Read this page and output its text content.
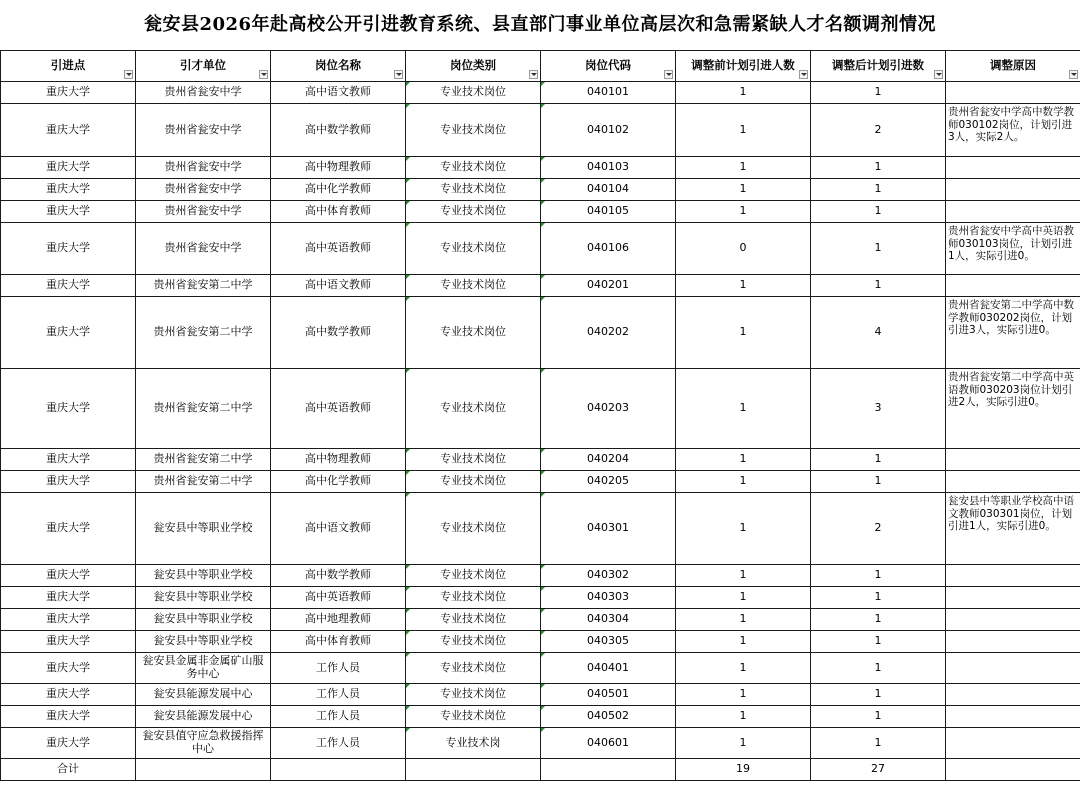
瓮安县2026年赴高校公开引进教育系统、县直部门事业单位高层次和急需紧缺人才名额调剂情况
引进点	引才单位	岗位名称	岗位类别	岗位代码	调整前计划引进人数	调整后计划引进数	调整原因

重庆大学	贵州省瓮安中学	高中语文教师	专业技术岗位	040101	1	1	
重庆大学	贵州省瓮安中学	高中数学教师	专业技术岗位	040102	1	2	贵州省瓮安中学高中数学教师030102岗位，计划引进3人，实际2人。
重庆大学	贵州省瓮安中学	高中物理教师	专业技术岗位	040103	1	1	
重庆大学	贵州省瓮安中学	高中化学教师	专业技术岗位	040104	1	1	
重庆大学	贵州省瓮安中学	高中体育教师	专业技术岗位	040105	1	1	
重庆大学	贵州省瓮安中学	高中英语教师	专业技术岗位	040106	0	1	贵州省瓮安中学高中英语教师030103岗位，计划引进1人，实际引进0。
重庆大学	贵州省瓮安第二中学	高中语文教师	专业技术岗位	040201	1	1	
重庆大学	贵州省瓮安第二中学	高中数学教师	专业技术岗位	040202	1	4	贵州省瓮安第二中学高中数学教师030202岗位，计划引进3人，实际引进0。
重庆大学	贵州省瓮安第二中学	高中英语教师	专业技术岗位	040203	1	3	贵州省瓮安第二中学高中英语教师030203岗位计划引进2人，实际引进0。
重庆大学	贵州省瓮安第二中学	高中物理教师	专业技术岗位	040204	1	1	
重庆大学	贵州省瓮安第二中学	高中化学教师	专业技术岗位	040205	1	1	
重庆大学	瓮安县中等职业学校	高中语文教师	专业技术岗位	040301	1	2	瓮安县中等职业学校高中语文教师030301岗位，计划引进1人，实际引进0。
重庆大学	瓮安县中等职业学校	高中数学教师	专业技术岗位	040302	1	1	
重庆大学	瓮安县中等职业学校	高中英语教师	专业技术岗位	040303	1	1	
重庆大学	瓮安县中等职业学校	高中地理教师	专业技术岗位	040304	1	1	
重庆大学	瓮安县中等职业学校	高中体育教师	专业技术岗位	040305	1	1	
重庆大学	瓮安县金属非金属矿山服务中心	工作人员	专业技术岗位	040401	1	1	
重庆大学	瓮安县能源发展中心	工作人员	专业技术岗位	040501	1	1	
重庆大学	瓮安县能源发展中心	工作人员	专业技术岗位	040502	1	1	
重庆大学	瓮安县值守应急救援指挥中心	工作人员	专业技术岗	040601	1	1	
合计					19	27	
